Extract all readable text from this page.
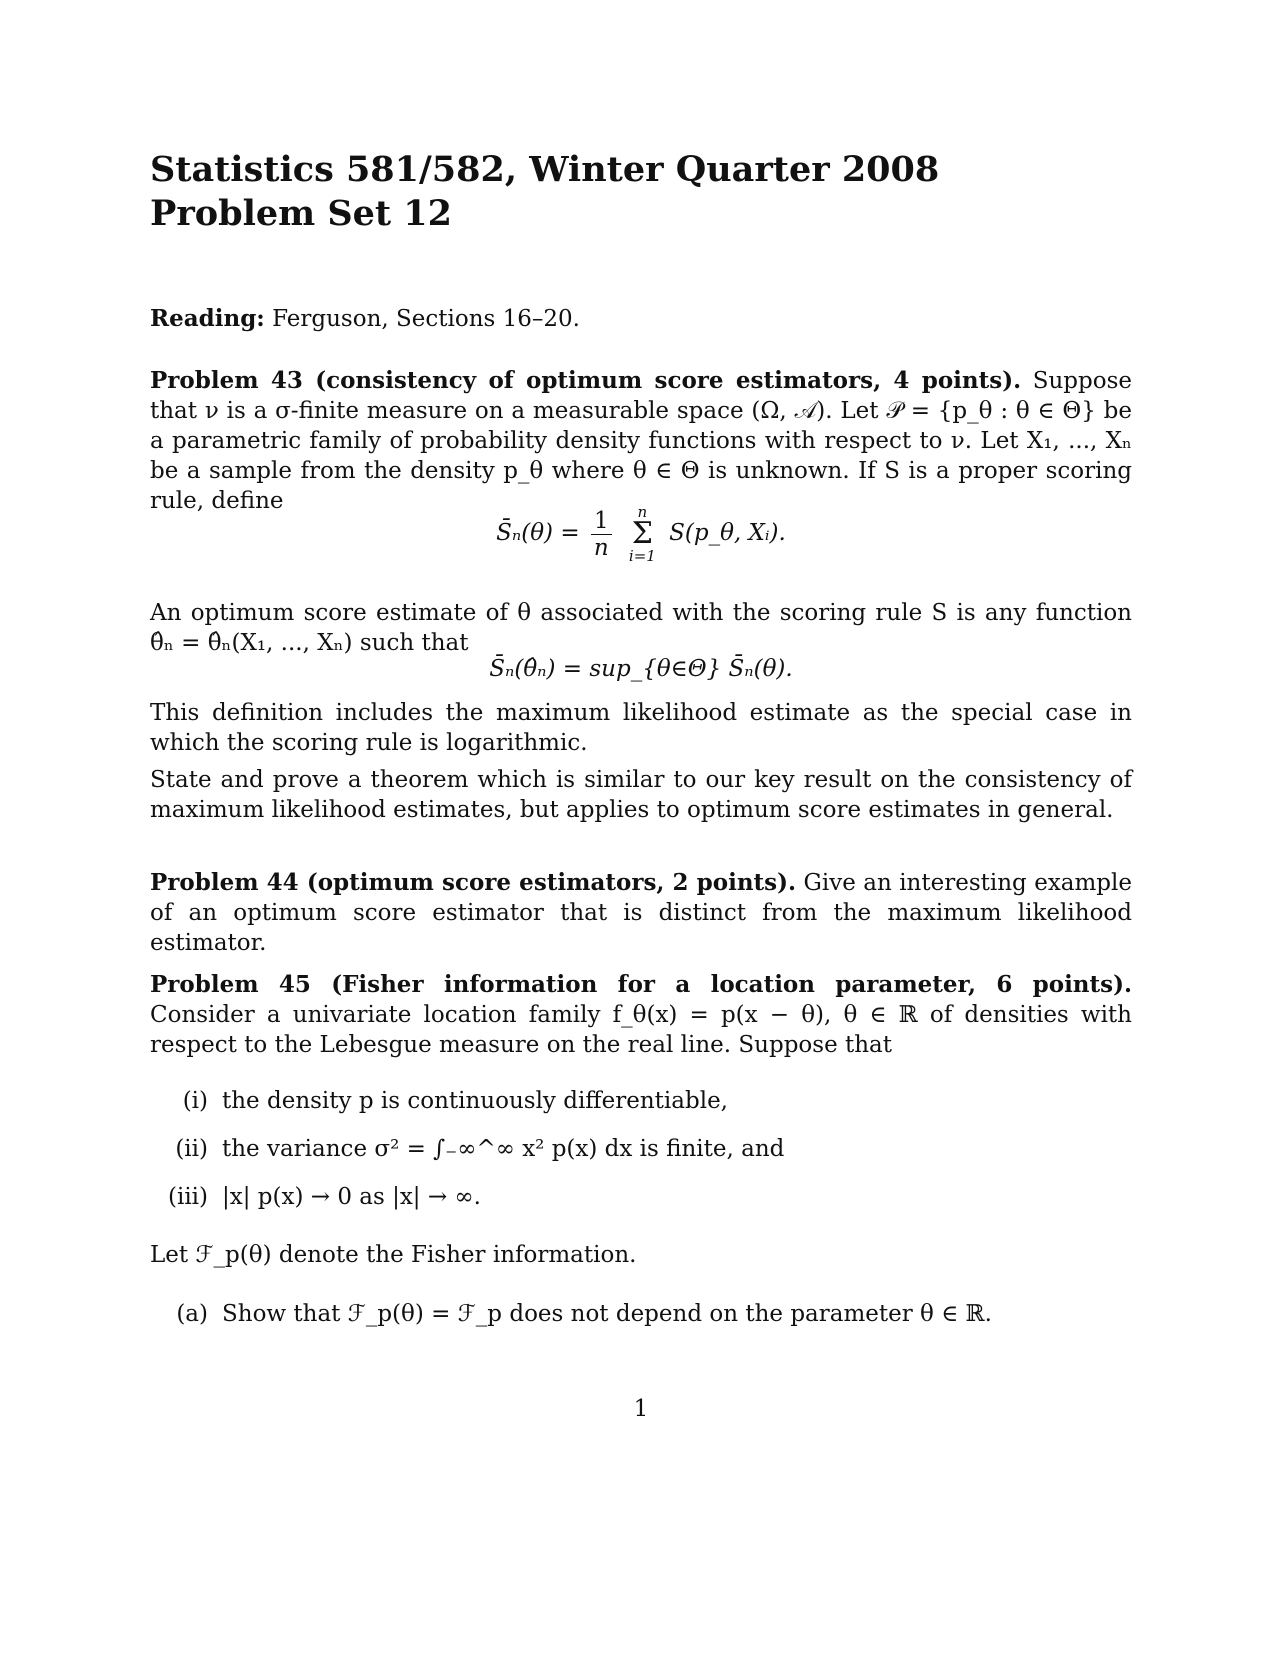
Statistics 581/582, Winter Quarter 2008
Problem Set 12

Reading: Ferguson, Sections 16–20.

Problem 43 (consistency of optimum score estimators, 4 points). Suppose that ν is a σ-finite measure on a measurable space (Ω, 𝒜). Let 𝒫 = {p_θ : θ ∈ Θ} be a parametric family of probability density functions with respect to ν. Let X₁, ..., Xₙ be a sample from the density p_θ where θ ∈ Θ is unknown. If S is a proper scoring rule, define

S̄ₙ(θ) = $\frac{1}{n}$
	n
Σ
i=1
S(p_θ, Xᵢ).

An optimum score estimate of θ associated with the scoring rule S is any function θ̂ₙ = θ̂ₙ(X₁, ..., Xₙ) such that

S̄ₙ(θ̂ₙ) = sup_{θ∈Θ} S̄ₙ(θ).

This definition includes the maximum likelihood estimate as the special case in which the scoring rule is logarithmic.

State and prove a theorem which is similar to our key result on the consistency of maximum likelihood estimates, but applies to optimum score estimates in general.

Problem 44 (optimum score estimators, 2 points). Give an interesting example of an optimum score estimator that is distinct from the maximum likelihood estimator.

Problem 45 (Fisher information for a location parameter, 6 points). Consider a univariate location family f_θ(x) = p(x − θ), θ ∈ ℝ of densities with respect to the Lebesgue measure on the real line. Suppose that

(i) the density p is continuously differentiable,
(ii) the variance σ² = ∫₋∞^∞ x² p(x) dx is finite, and
(iii) |x| p(x) → 0 as |x| → ∞.

Let ℱ_p(θ) denote the Fisher information.

(a) Show that ℱ_p(θ) = ℱ_p does not depend on the parameter θ ∈ ℝ.
1
